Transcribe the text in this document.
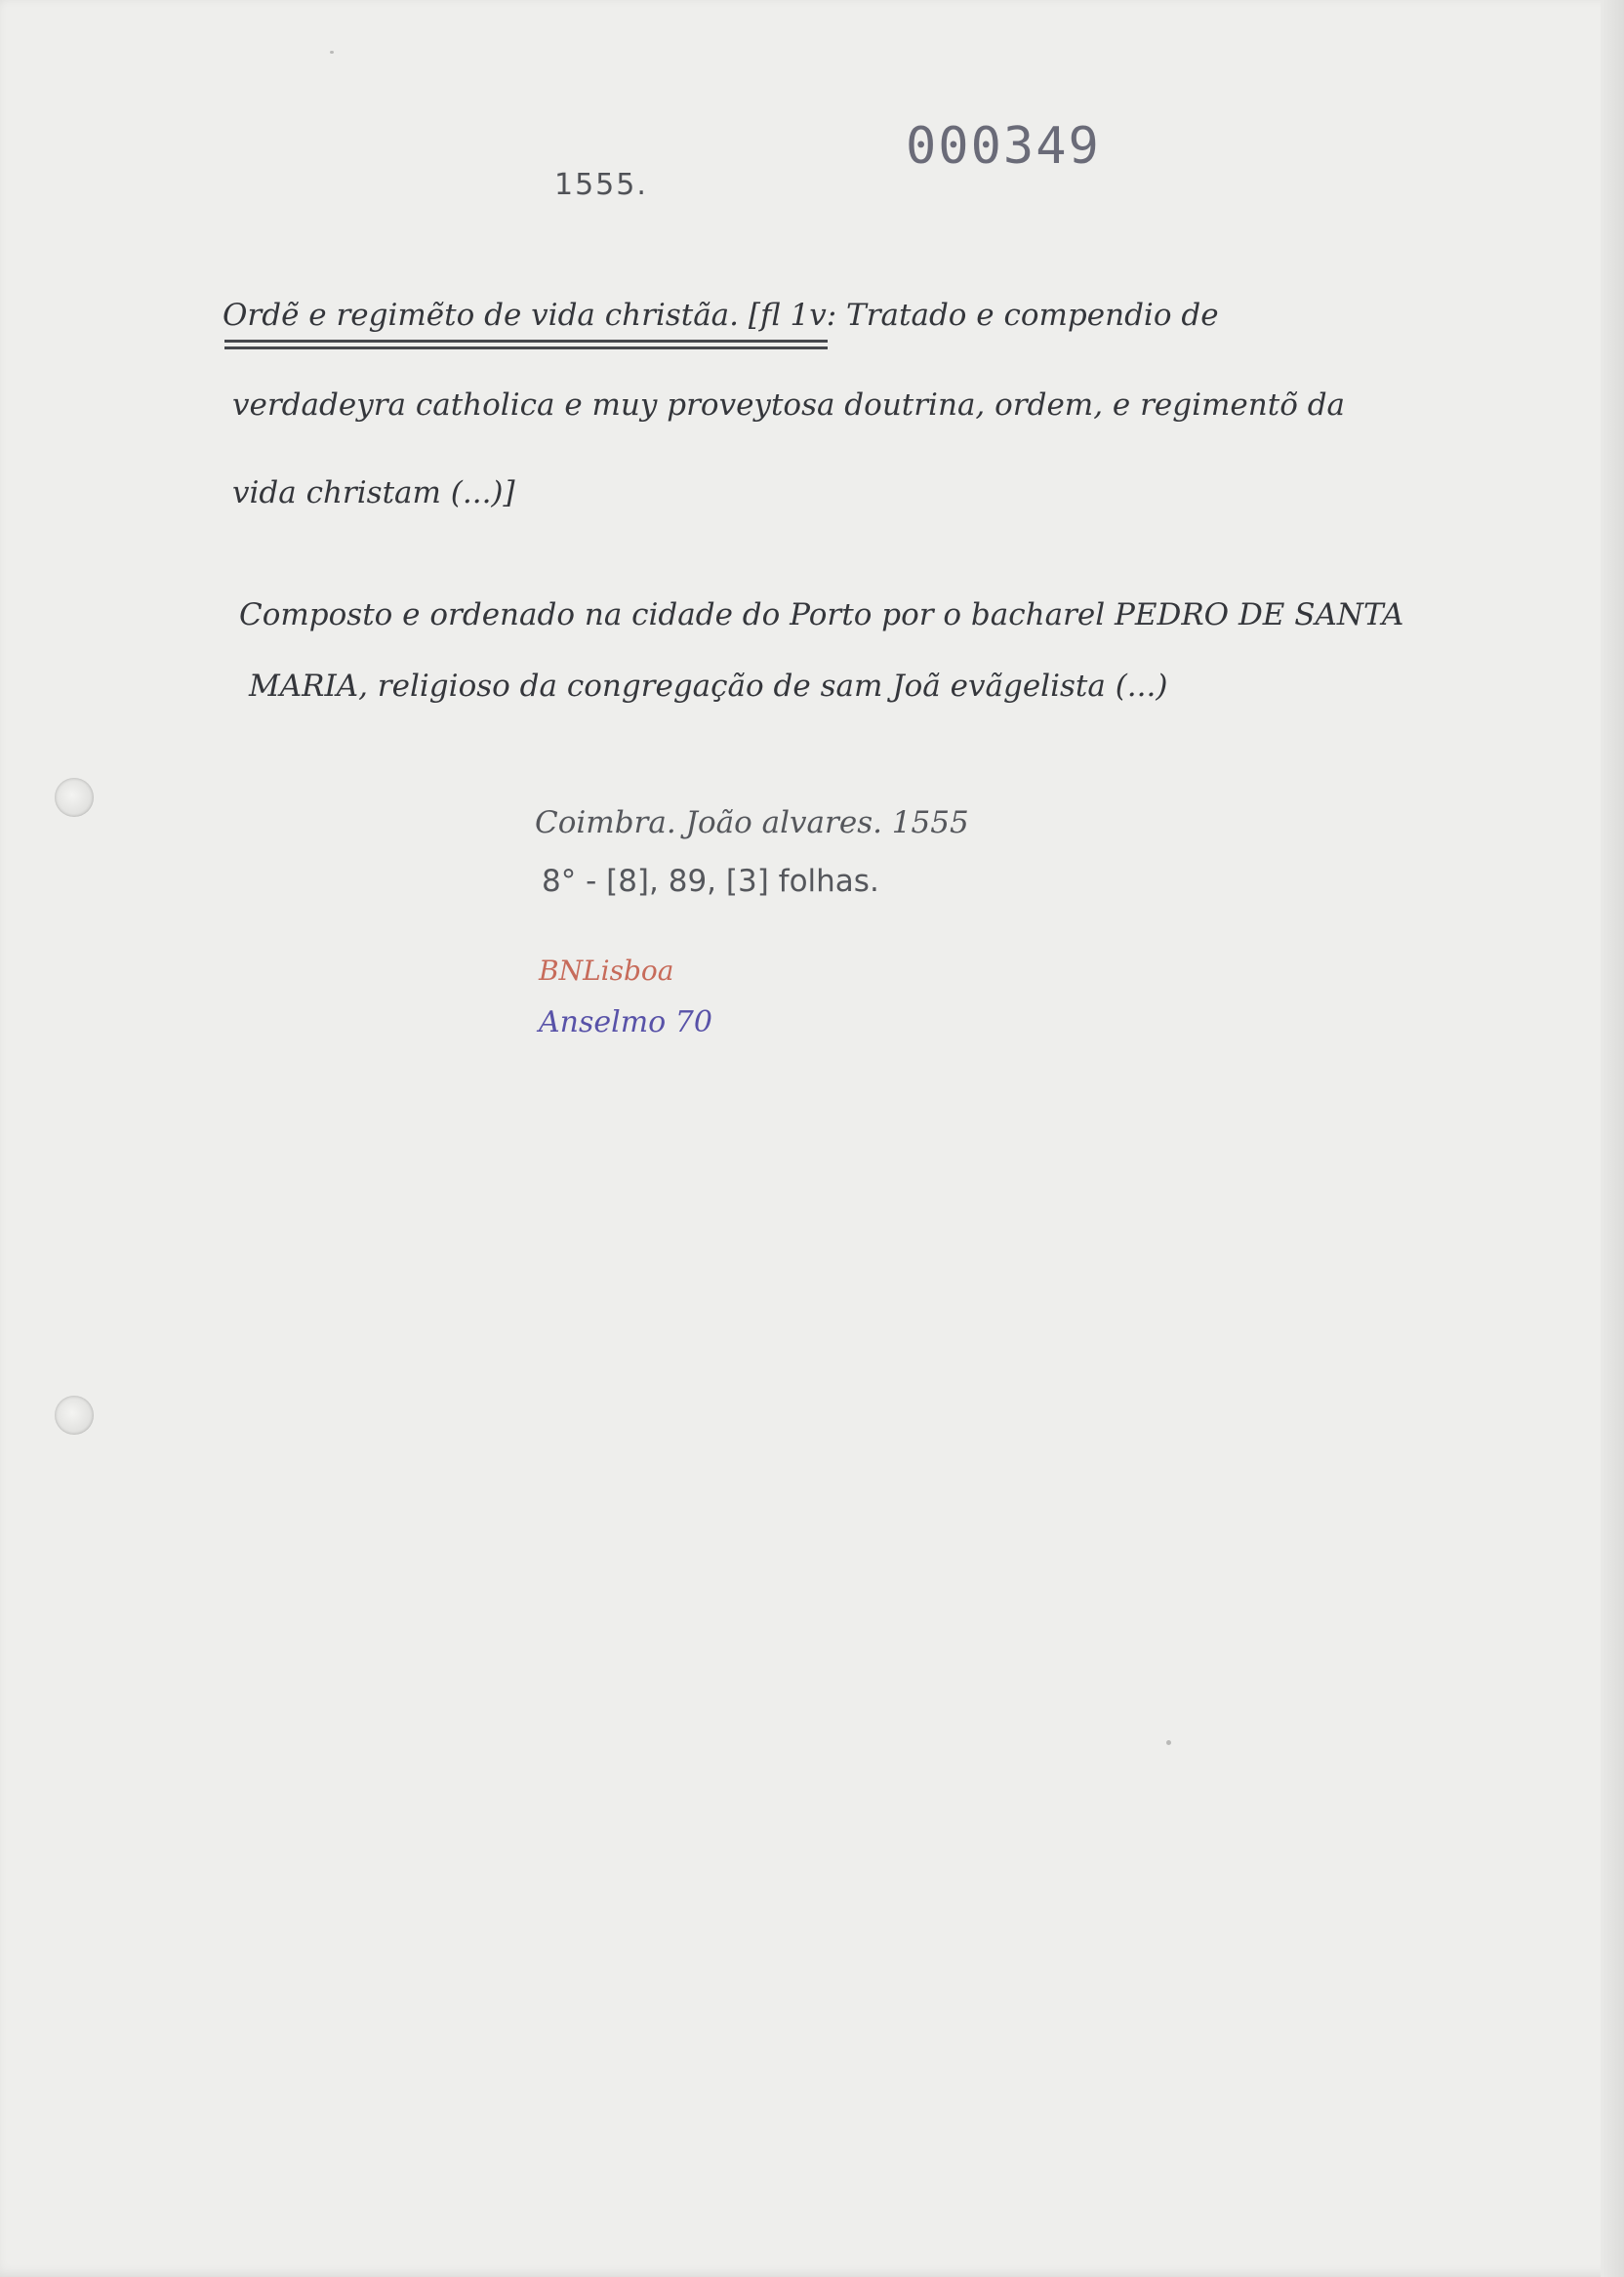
1555.
000349
Ordẽ e regimẽto de vida christãa. [fl 1v: Tratado e compendio de
verdadeyra catholica e muy proveytosa doutrina, ordem, e regimentõ da
vida christam (...)]
Composto e ordenado na cidade do Porto por o bacharel PEDRO DE SANTA
MARIA, religioso da congregação de sam Joã evãgelista (...)
Coimbra. João alvares. 1555
8° - [8], 89, [3] folhas.
BNLisboa
Anselmo 70
